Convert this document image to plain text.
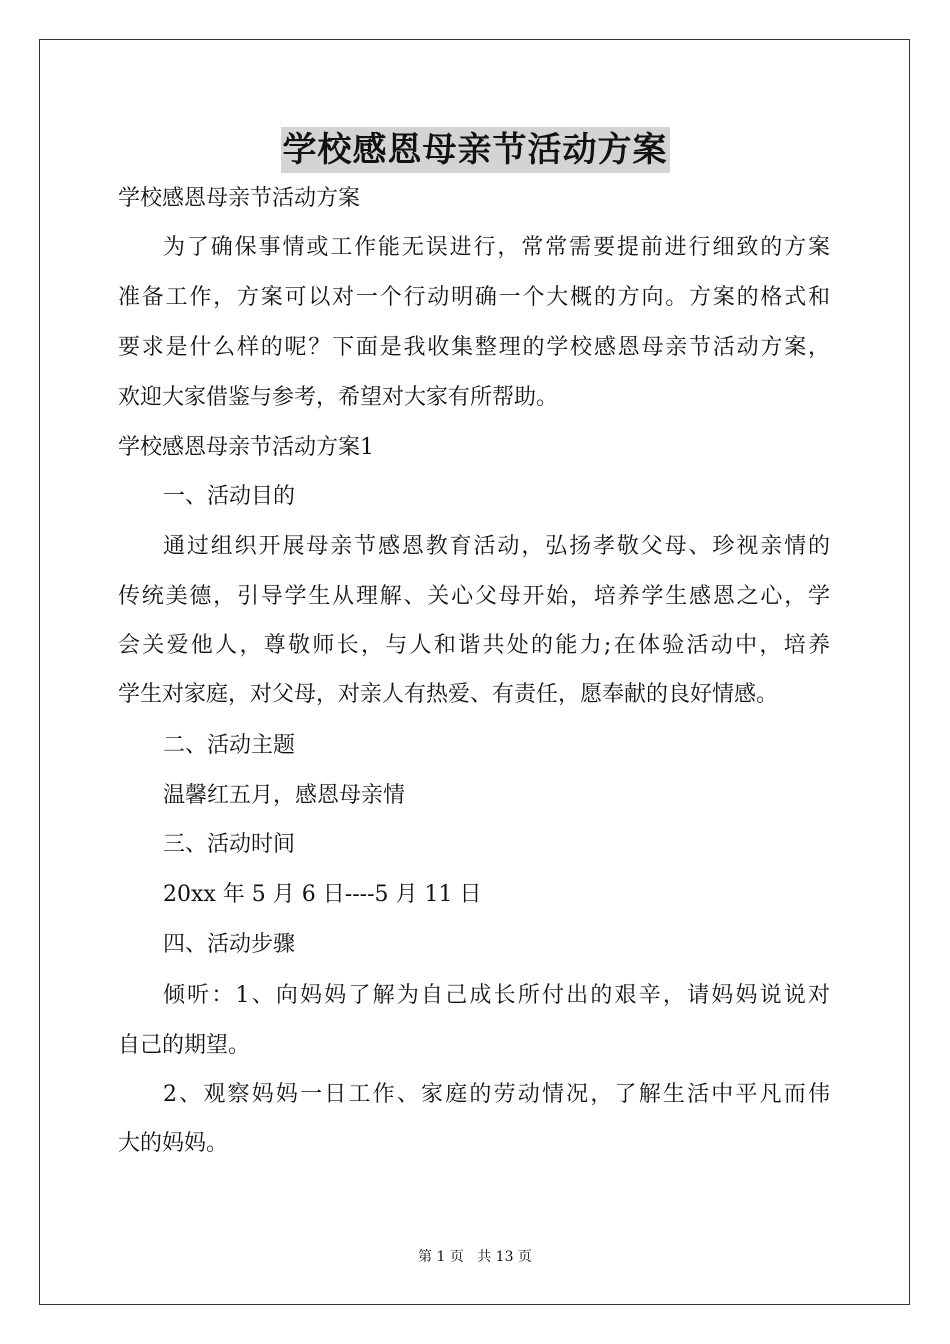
学校感恩母亲节活动方案
学校感恩母亲节活动方案
为了确保事情或工作能无误进行，常常需要提前进行细致的方案
准备工作，方案可以对一个行动明确一个大概的方向。方案的格式和
要求是什么样的呢？下面是我收集整理的学校感恩母亲节活动方案，
欢迎大家借鉴与参考，希望对大家有所帮助。
学校感恩母亲节活动方案1
一、活动目的
通过组织开展母亲节感恩教育活动，弘扬孝敬父母、珍视亲情的
传统美德，引导学生从理解、关心父母开始，培养学生感恩之心，学
会关爱他人，尊敬师长，与人和谐共处的能力;在体验活动中，培养
学生对家庭，对父母，对亲人有热爱、有责任，愿奉献的良好情感。
二、活动主题
温馨红五月，感恩母亲情
三、活动时间
20xx 年 5 月 6 日----5 月 11 日
四、活动步骤
倾听：1、向妈妈了解为自己成长所付出的艰辛，请妈妈说说对
自己的期望。
2、观察妈妈一日工作、家庭的劳动情况，了解生活中平凡而伟
大的妈妈。
第 1 页 共 13 页
